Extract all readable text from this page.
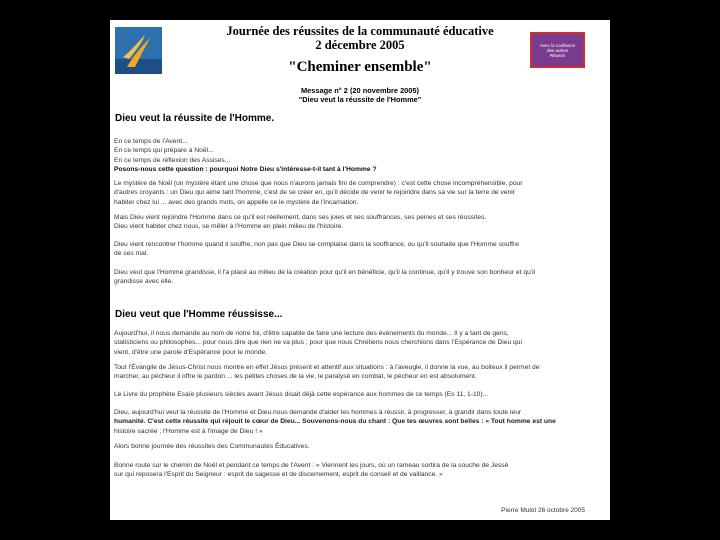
Avec la confiance
des autres
Réussir
Journée des réussites de la communauté éducative
2 décembre 2005
"Cheminer ensemble"
Message n° 2 (20 novembre 2005)
"Dieu veut la réussite de l'Homme"
Dieu veut la réussite de l'Homme.
En ce temps de l'Avent...
En ce temps qui prépare à Noël...
En ce temps de réflexion des Assises...
Posons-nous cette question : pourquoi Notre Dieu s'intéresse-t-il tant à l'Homme ?
Le mystère de Noël (un mystère étant une chose que nous n'aurons jamais fini de comprendre) : c'est cette chose incompréhensible, pour
d'autres croyants : un Dieu qui aime tant l'homme, c'est de se créer en, qu'il décide de venir le rejoindre dans sa vie sur la terre de venir
habiter chez lui ... avec des grands mots, on appelle ce le mystère de l'incarnation.
Mais Dieu vient rejoindre l'Homme dans ce qu'il est réellement, dans ses joies et ses souffrances, ses peines et ses réussites.
Dieu vient habiter chez nous, se mêler à l'Homme en plein milieu de l'histoire.
Dieu vient rencontrer l'homme quand il souffre, non pas que Dieu se complaise dans la souffrance, ou qu'il souhaite que l'Homme souffre
de ses mal.
Dieu veut que l'Homme grandisse, il l'a placé au milieu de la création pour qu'il en bénéficie, qu'il la continue, qu'il y trouve son bonheur et qu'il
grandisse avec elle.
Dieu veut que l'Homme réussisse...
Aujourd'hui, il nous demande au nom de notre foi, d'être capable de faire une lecture des événements du monde... Il y a tant de gens,
statisticiens ou philosophes... pour nous dire que rien ne va plus ; pour que nous Chrétiens nous cherchions dans l'Espérance de Dieu qui
vient, d'être une parole d'Espérance pour le monde.
Tout l'Évangile de Jésus-Christ nous montre en effet Jésus présent et attentif aux situations : à l'aveugle, il donne la vue, au boiteux il permet de
marcher, au pécheur il offre le pardon ... les petites choses de la vie, le paralysé en combat, le pécheur en est absolument.
Le Livre du prophète Esaïe plusieurs siècles avant Jésus disait déjà cette espérance aux hommes de ce temps (Es 11, 1-10)...
Dieu, aujourd'hui veut la réussite de l'Homme et Dieu nous demande d'aider les hommes à réussir, à progresser, à grandir dans toute leur
humanité. C'est cette réussite qui réjouit le cœur de Dieu... Souvenons-nous du chant : Que tes œuvres sont belles : « Tout homme est une
histoire sacrée ; l'Homme est à l'image de Dieu ! »
Alors bonne journée des réussites des Communautés Éducatives.
Bonne route sur le chemin de Noël et pendant ce temps de l'Avent : « Viennent les jours, où un rameau sortira de la souche de Jessé
sur qui reposera l'Esprit du Seigneur : esprit de sagesse et de discernement, esprit de conseil et de vaillance. »
Pierre Mulot 26 octobre 2005
